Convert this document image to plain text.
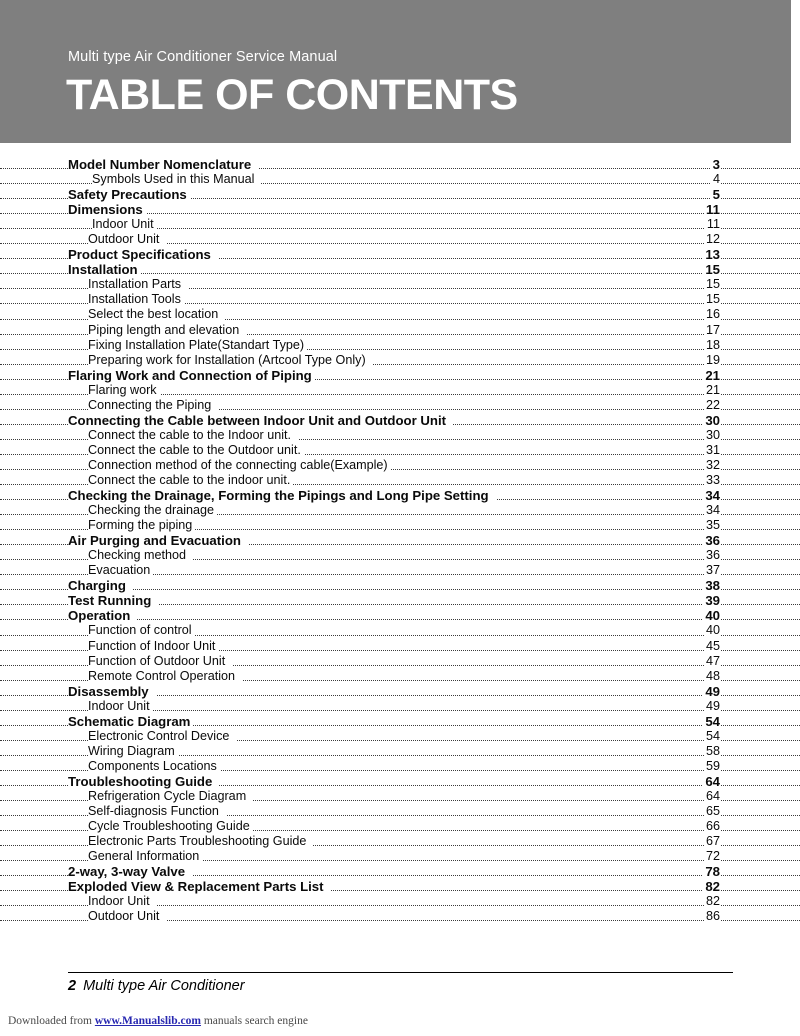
Multi type Air Conditioner Service Manual
TABLE OF CONTENTS
Model Number Nomenclature	3
Symbols Used in this Manual	4
Safety Precautions	5
Dimensions	11
Indoor Unit	11
Outdoor Unit	12
Product Specifications	13
Installation	15
Installation Parts	15
Installation Tools	15
Select the best location	16
Piping length and elevation	17
Fixing Installation Plate(Standart Type)	18
Preparing work for Installation (Artcool Type Only)	19
Flaring Work and Connection of Piping	21
Flaring work	21
Connecting the Piping	22
Connecting the Cable between Indoor Unit and Outdoor Unit	30
Connect the cable to the Indoor unit.	30
Connect the cable to the Outdoor unit.	31
Connection method of the connecting cable(Example)	32
Connect the cable to the indoor unit.	33
Checking the Drainage, Forming the Pipings and Long Pipe Setting	34
Checking the drainage	34
Forming the piping	35
Air Purging and Evacuation	36
Checking method	36
Evacuation	37
Charging	38
Test Running	39
Operation	40
Function of control	40
Function of Indoor Unit	45
Function of Outdoor Unit	47
Remote Control Operation	48
Disassembly	49
Indoor Unit	49
Schematic Diagram	54
Electronic Control Device	54
Wiring Diagram	58
Components Locations	59
Troubleshooting Guide	64
Refrigeration Cycle Diagram	64
Self-diagnosis Function	65
Cycle Troubleshooting Guide	66
Electronic Parts Troubleshooting Guide	67
General Information	72
2-way, 3-way Valve	78
Exploded View & Replacement Parts List	82
Indoor Unit	82
Outdoor Unit	86
2 Multi type Air Conditioner
Downloaded from www.Manualslib.com manuals search engine
